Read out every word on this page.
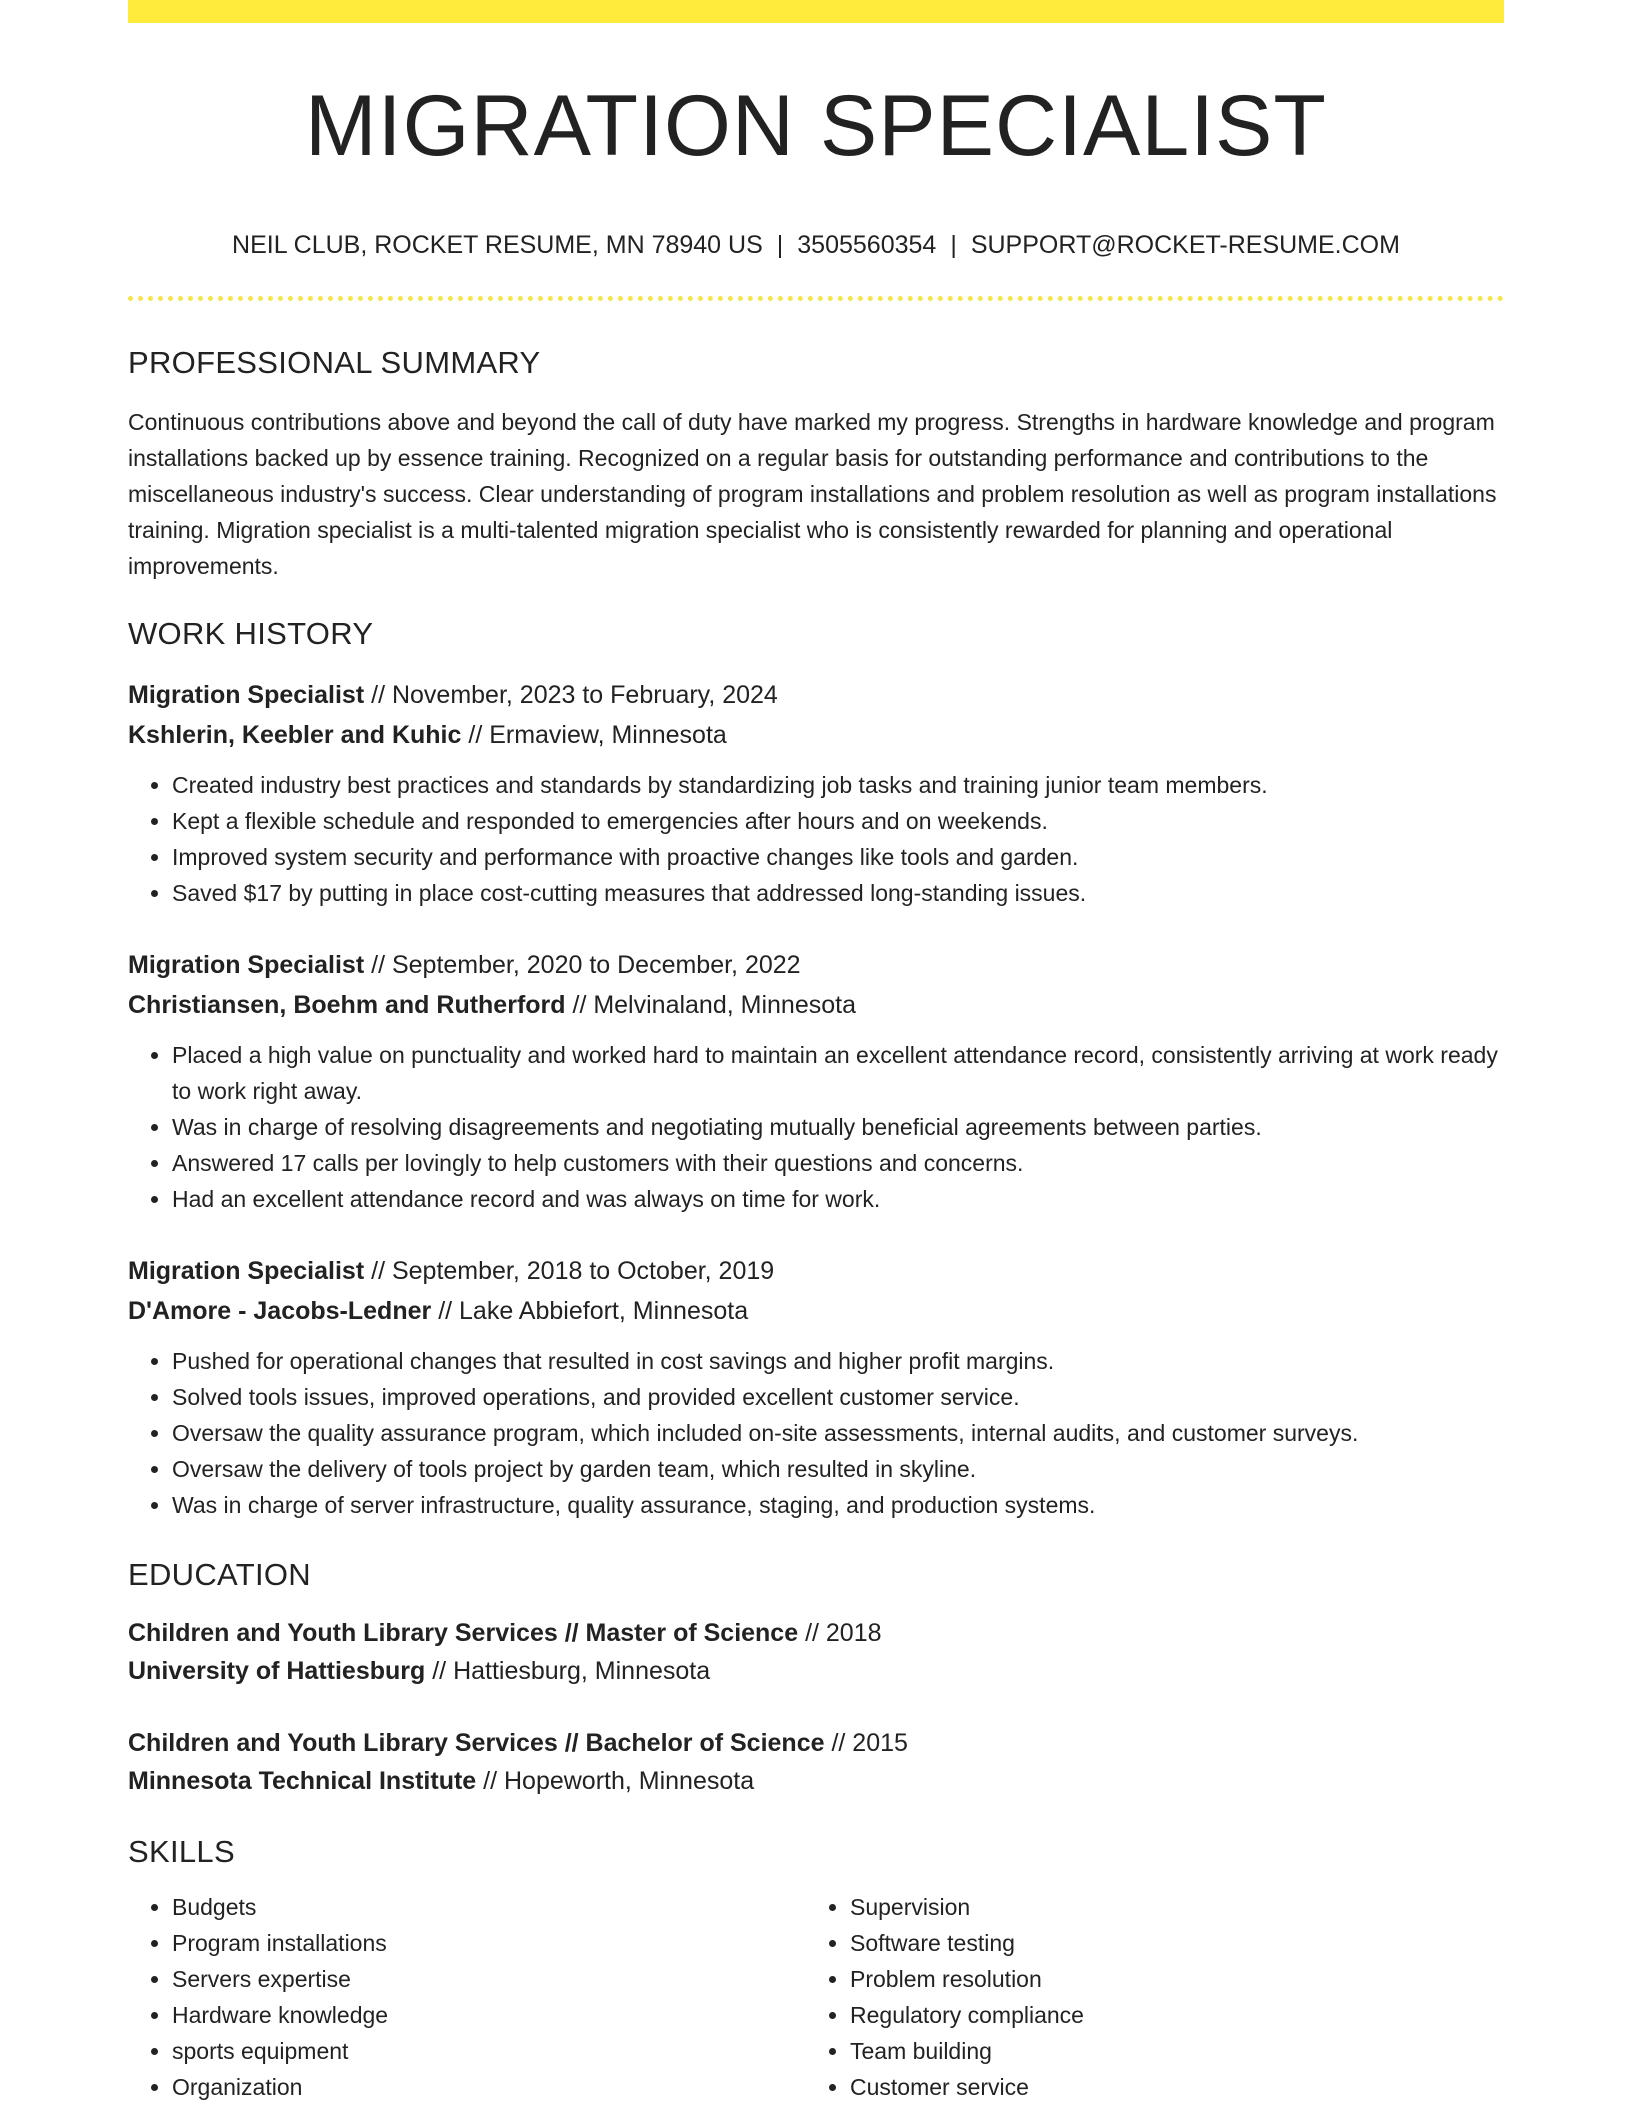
MIGRATION SPECIALIST
NEIL CLUB, ROCKET RESUME, MN 78940 US | 3505560354 | SUPPORT@ROCKET-RESUME.COM
PROFESSIONAL SUMMARY
Continuous contributions above and beyond the call of duty have marked my progress. Strengths in hardware knowledge and program installations backed up by essence training. Recognized on a regular basis for outstanding performance and contributions to the miscellaneous industry's success. Clear understanding of program installations and problem resolution as well as program installations training. Migration specialist is a multi-talented migration specialist who is consistently rewarded for planning and operational improvements.
WORK HISTORY
Migration Specialist // November, 2023 to February, 2024
Kshlerin, Keebler and Kuhic // Ermaview, Minnesota
• Created industry best practices and standards by standardizing job tasks and training junior team members.
• Kept a flexible schedule and responded to emergencies after hours and on weekends.
• Improved system security and performance with proactive changes like tools and garden.
• Saved $17 by putting in place cost-cutting measures that addressed long-standing issues.
Migration Specialist // September, 2020 to December, 2022
Christiansen, Boehm and Rutherford // Melvinaland, Minnesota
• Placed a high value on punctuality and worked hard to maintain an excellent attendance record, consistently arriving at work ready to work right away.
• Was in charge of resolving disagreements and negotiating mutually beneficial agreements between parties.
• Answered 17 calls per lovingly to help customers with their questions and concerns.
• Had an excellent attendance record and was always on time for work.
Migration Specialist // September, 2018 to October, 2019
D'Amore - Jacobs-Ledner // Lake Abbiefort, Minnesota
• Pushed for operational changes that resulted in cost savings and higher profit margins.
• Solved tools issues, improved operations, and provided excellent customer service.
• Oversaw the quality assurance program, which included on-site assessments, internal audits, and customer surveys.
• Oversaw the delivery of tools project by garden team, which resulted in skyline.
• Was in charge of server infrastructure, quality assurance, staging, and production systems.
EDUCATION
Children and Youth Library Services // Master of Science // 2018
University of Hattiesburg // Hattiesburg, Minnesota
Children and Youth Library Services // Bachelor of Science // 2015
Minnesota Technical Institute // Hopeworth, Minnesota
SKILLS
• Budgets
• Program installations
• Servers expertise
• Hardware knowledge
• sports equipment
• Organization
• Supervision
• Software testing
• Problem resolution
• Regulatory compliance
• Team building
• Customer service
